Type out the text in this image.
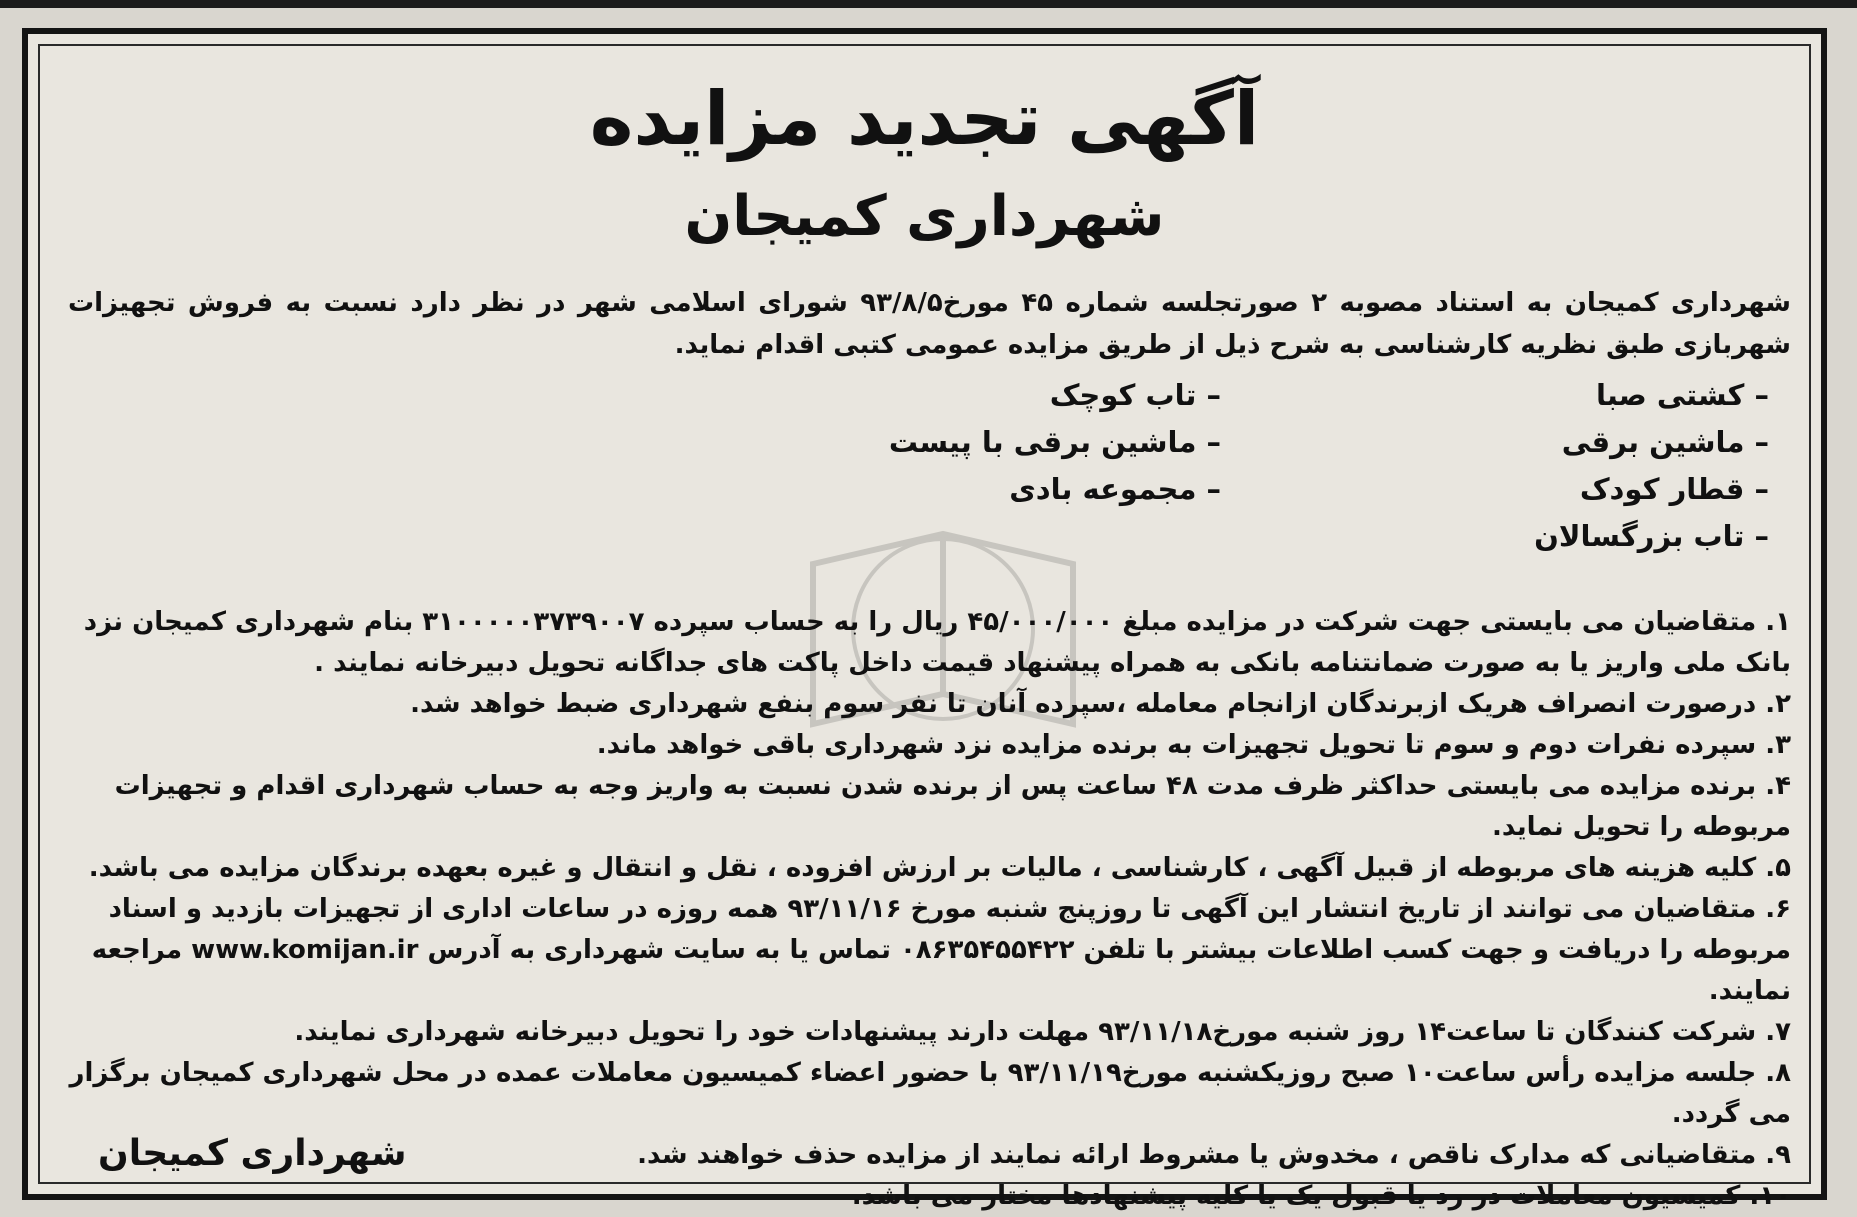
آگهی تجدید مزایده
شهرداری کمیجان
شهرداری کمیجان به استناد مصوبه ۲ صورتجلسه شماره ۴۵ مورخ۹۳/۸/۵ شورای اسلامی شهر در نظر دارد نسبت به فروش تجهیزات شهربازی طبق نظریه کارشناسی به شرح ذیل از طریق مزایده عمومی کتبی اقدام نماید.
– کشتی صبا
– ماشین برقی
– قطار کودک
– تاب بزرگسالان
– تاب کوچک
– ماشین برقی با پیست
– مجموعه بادی

۱. متقاضیان می بایستی جهت شرکت در مزایده مبلغ ۴۵/۰۰۰/۰۰۰ ریال را به حساب سپرده ۳۱۰۰۰۰۰۳۷۳۹۰۰۷ بنام شهرداری کمیجان نزد بانک ملی واریز یا به صورت ضمانتنامه بانکی به همراه پیشنهاد قیمت داخل پاکت های جداگانه تحویل دبیرخانه نمایند .

۲. درصورت انصراف هریک ازبرندگان ازانجام معامله ،سپرده آنان تا نفر سوم بنفع شهرداری ضبط خواهد شد.

۳. سپرده نفرات دوم و سوم تا تحویل تجهیزات به برنده مزایده نزد شهرداری باقی خواهد ماند.

۴. برنده مزایده می بایستی حداکثر ظرف مدت ۴۸ ساعت پس از برنده شدن نسبت به واریز وجه به حساب شهرداری اقدام و تجهیزات مربوطه را تحویل نماید.

۵. کلیه هزینه های مربوطه از قبیل آگهی ، کارشناسی ، مالیات بر ارزش افزوده ، نقل و انتقال و غیره بعهده برندگان مزایده می باشد.

۶. متقاضیان می توانند از تاریخ انتشار این آگهی تا روزپنج شنبه مورخ ۹۳/۱۱/۱۶ همه روزه در ساعات اداری از تجهیزات بازدید و اسناد مربوطه را دریافت و جهت کسب اطلاعات بیشتر با تلفن ۰۸۶۳۵۴۵۵۴۲۲ تماس یا به سایت شهرداری به آدرس www.komijan.ir مراجعه نمایند.

۷. شرکت کنندگان تا ساعت۱۴ روز شنبه مورخ۹۳/۱۱/۱۸ مهلت دارند پیشنهادات خود را تحویل دبیرخانه شهرداری نمایند.

۸. جلسه مزایده رأس ساعت۱۰ صبح روزیکشنبه مورخ۹۳/۱۱/۱۹ با حضور اعضاء کمیسیون معاملات عمده در محل شهرداری کمیجان برگزار می گردد.

۹. متقاضیانی که مدارک ناقص ، مخدوش یا مشروط ارائه نمایند از مزایده حذف خواهند شد.

۱۰. کمیسیون معاملات در رد یا قبول یک یا کلیه پیشنهادها مختار می باشد.

شهرداری کمیجان
